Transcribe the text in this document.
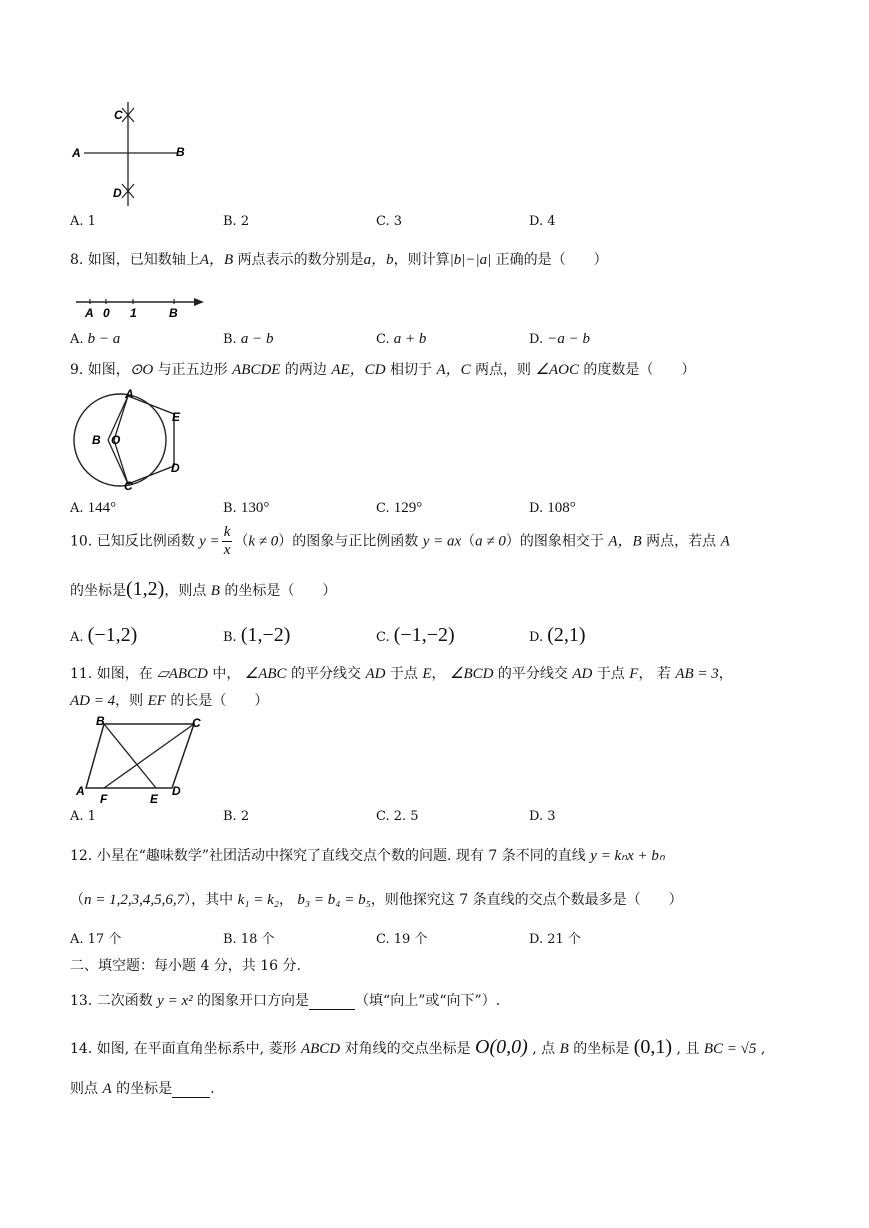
A	B
C
D
A. 1	B. 2	C. 3	D. 4
8. 如图，已知数轴上A，B 两点表示的数分别是a，b，则计算|b|−|a| 正确的是（　　）
A 0 1	B
A. b − a	B. a − b	C. a + b	D. −a − b
9. 如图，⊙O 与正五边形 ABCDE 的两边 AE，CD 相切于 A，C 两点，则 ∠AOC 的度数是（　　）
A
B O
C
D
E
A. 144°	B. 130°	C. 129°	D. 108°
10. 已知反比例函数 $y = \frac{k}{x} (k \ne 0)$的图象与正比例函数 y = ax（a ≠ 0）的图象相交于 A，B 两点，若点 A
的坐标是(1,2)，则点 B 的坐标是（　　）
A. (−1,2)	B. (1,−2)	C. (−1,−2)	D. (2,1)
11. 如图，在 ▱ABCD 中， ∠ABC 的平分线交 AD 于点 E， ∠BCD 的平分线交 AD 于点 F， 若 AB = 3，
AD = 4，则 EF 的长是（　　）
B	C
A
F	E
D
A. 1	B. 2	C. 2. 5	D. 3
12. 小星在“趣味数学”社团活动中探究了直线交点个数的问题. 现有 7 条不同的直线 y = kₙx + bₙ
（n = 1,2,3,4,5,6,7），其中 k₁ = k₂， b₃ = b₄ = b₅，则他探究这 7 条直线的交点个数最多是（　　）
A. 17 个	B. 18 个	C. 19 个	D. 21 个
二、填空题：每小题 4 分，共 16 分.
13. 二次函数 y = x² 的图象开口方向是	（填“向上”或“向下”）.
14. 如图, 在平面直角坐标系中, 菱形 ABCD 对角线的交点坐标是 O(0,0) , 点 B 的坐标是 (0,1) , 且 BC = √5 ,
则点 A 的坐标是	.
